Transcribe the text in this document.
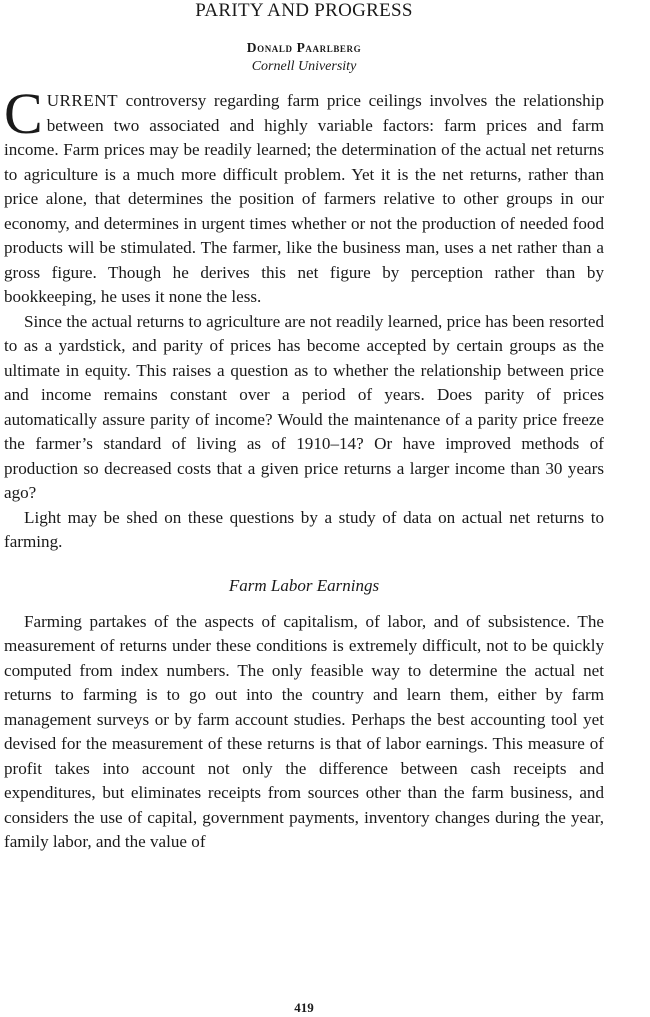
PARITY AND PROGRESS

Donald Paarlberg

Cornell University

CURRENT controversy regarding farm price ceilings involves the relationship between two associated and highly variable factors: farm prices and farm income. Farm prices may be readily learned; the determination of the actual net returns to agriculture is a much more difficult problem. Yet it is the net returns, rather than price alone, that determines the position of farmers relative to other groups in our economy, and determines in urgent times whether or not the production of needed food products will be stimulated. The farmer, like the business man, uses a net rather than a gross figure. Though he derives this net figure by perception rather than by bookkeeping, he uses it none the less.

Since the actual returns to agriculture are not readily learned, price has been resorted to as a yardstick, and parity of prices has become accepted by certain groups as the ultimate in equity. This raises a question as to whether the relationship between price and income remains constant over a period of years. Does parity of prices automatically assure parity of income? Would the maintenance of a parity price freeze the farmer’s standard of living as of 1910–14? Or have improved methods of production so decreased costs that a given price returns a larger income than 30 years ago?

Light may be shed on these questions by a study of data on actual net returns to farming.

Farm Labor Earnings

Farming partakes of the aspects of capitalism, of labor, and of subsistence. The measurement of returns under these conditions is extremely difficult, not to be quickly computed from index numbers. The only feasible way to determine the actual net returns to farming is to go out into the country and learn them, either by farm management surveys or by farm account studies. Perhaps the best accounting tool yet devised for the measurement of these returns is that of labor earnings. This measure of profit takes into account not only the difference between cash receipts and expenditures, but eliminates receipts from sources other than the farm business, and considers the use of capital, government payments, inventory changes during the year, family labor, and the value of

419
